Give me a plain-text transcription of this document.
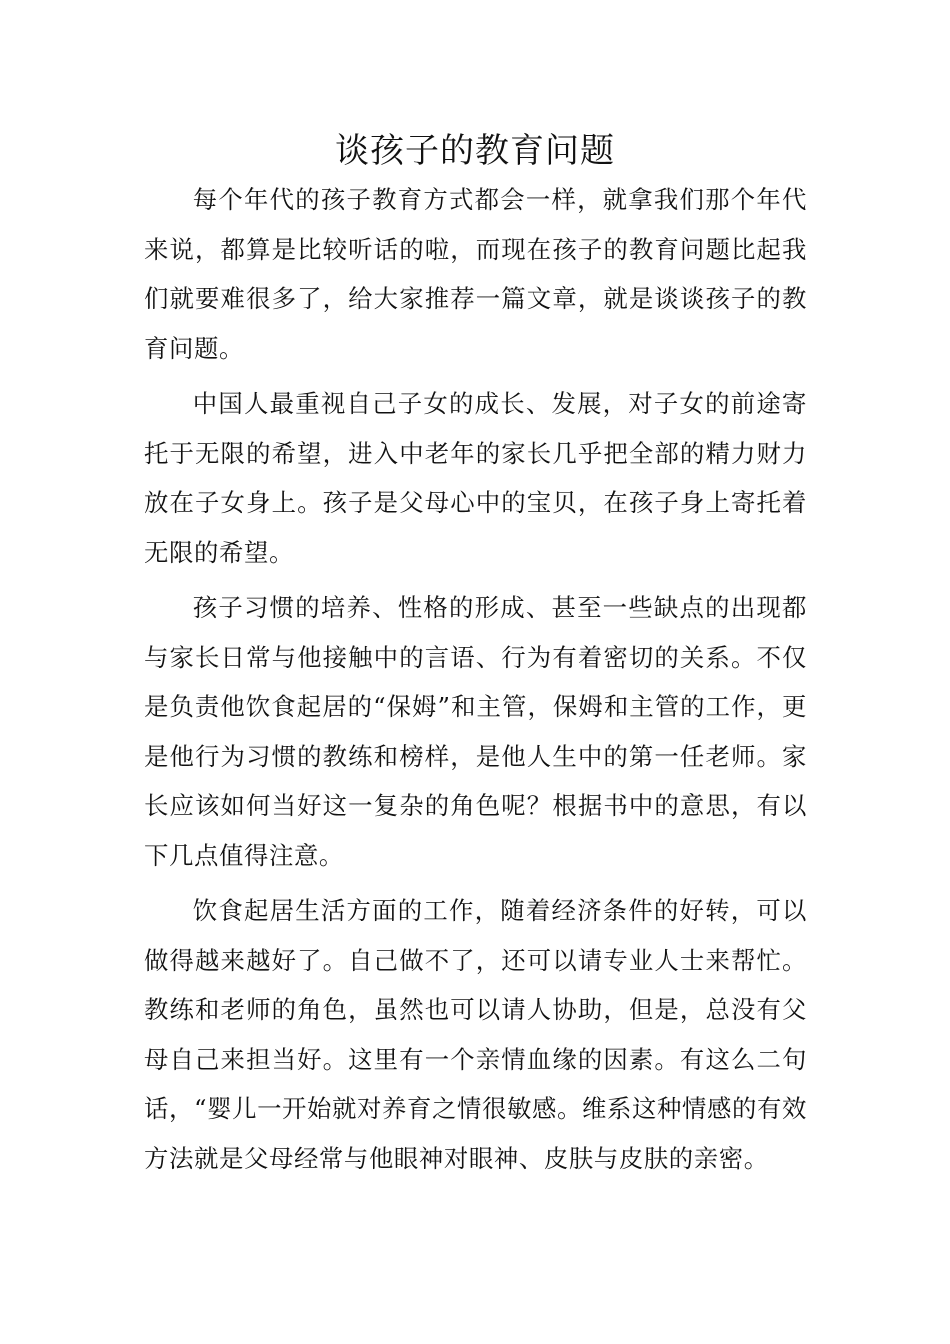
谈孩子的教育问题

每个年代的孩子教育方式都会一样，就拿我们那个年代来说，都算是比较听话的啦，而现在孩子的教育问题比起我们就要难很多了，给大家推荐一篇文章，就是谈谈孩子的教育问题。

中国人最重视自己子女的成长、发展，对子女的前途寄托于无限的希望，进入中老年的家长几乎把全部的精力财力放在子女身上。孩子是父母心中的宝贝，在孩子身上寄托着无限的希望。

孩子习惯的培养、性格的形成、甚至一些缺点的出现都与家长日常与他接触中的言语、行为有着密切的关系。不仅是负责他饮食起居的“保姆”和主管，保姆和主管的工作，更是他行为习惯的教练和榜样，是他人生中的第一任老师。家长应该如何当好这一复杂的角色呢？根据书中的意思，有以下几点值得注意。

饮食起居生活方面的工作，随着经济条件的好转，可以做得越来越好了。自己做不了，还可以请专业人士来帮忙。教练和老师的角色，虽然也可以请人协助，但是，总没有父母自己来担当好。这里有一个亲情血缘的因素。有这么二句话，“婴儿一开始就对养育之情很敏感。维系这种情感的有效方法就是父母经常与他眼神对眼神、皮肤与皮肤的亲密。
